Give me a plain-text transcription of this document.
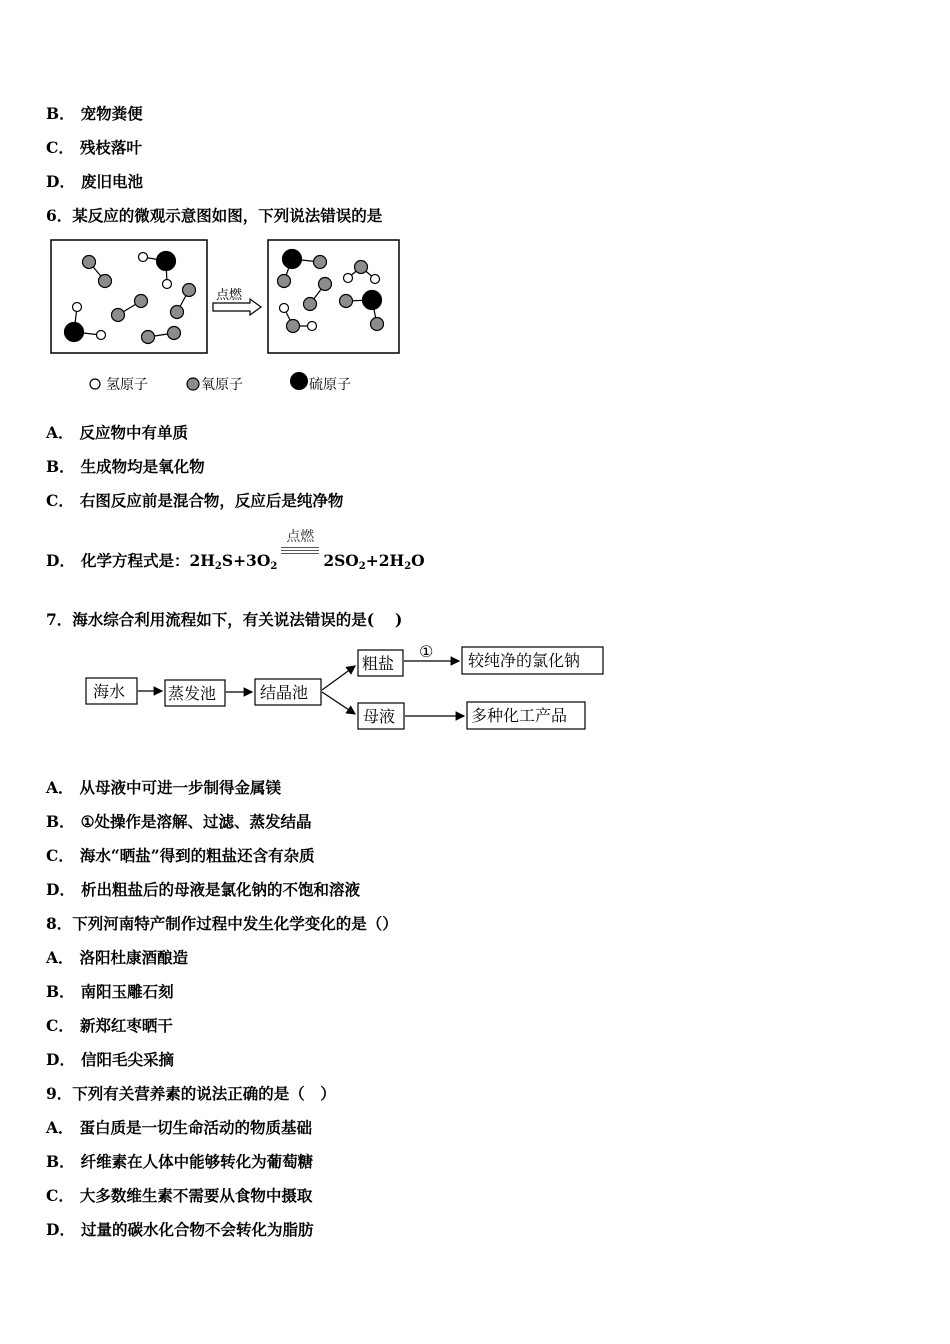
B． 宠物粪便
C． 残枝落叶
D． 废旧电池
6．某反应的微观示意图如图，下列说法错误的是
点燃
氢原子	氧原子	硫原子
A． 反应物中有单质
B． 生成物均是氧化物
C． 右图反应前是混合物，反应后是纯净物
D． 化学方程式是：$2H_2S+3O_2$
点燃
$2SO_2+2H_2O$
7．海水综合利用流程如下，有关说法错误的是(　 )
海水	蒸发池	结晶池
粗盐
① 较纯净的氯化钠
母液	多种化工产品
A． 从母液中可进一步制得金属镁
B． ①处操作是溶解、过滤、蒸发结晶
C． 海水“晒盐”得到的粗盐还含有杂质
D． 析出粗盐后的母液是氯化钠的不饱和溶液
8．下列河南特产制作过程中发生化学变化的是（）
A． 洛阳杜康酒酿造
B． 南阳玉雕石刻
C． 新郑红枣晒干
D． 信阳毛尖采摘
9．下列有关营养素的说法正确的是（　）
A． 蛋白质是一切生命活动的物质基础
B． 纤维素在人体中能够转化为葡萄糖
C． 大多数维生素不需要从食物中摄取
D． 过量的碳水化合物不会转化为脂肪
